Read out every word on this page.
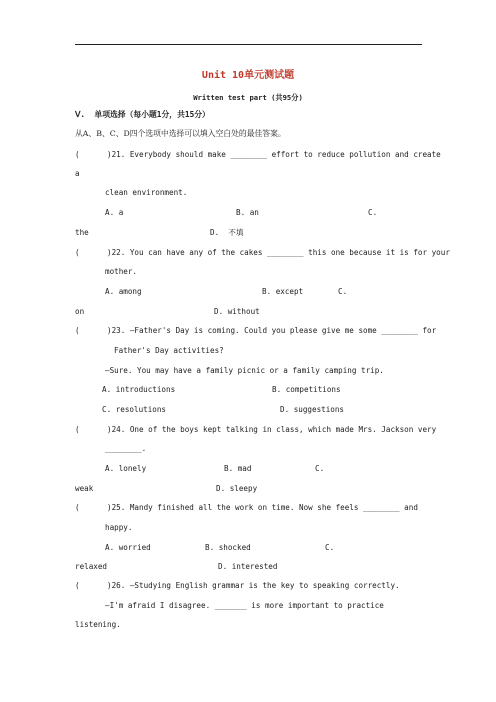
Unit 10单元测试题
Written test part (共95分)
Ⅴ.  单项选择（每小题1分，共15分）
从A、B、C、D四个选项中选择可以填入空白处的最佳答案。
(      )21. Everybody should make ________ effort to reduce pollution and create
a
clean environment.
A. a	B. an	C.
the	D.  不填
(      )22. You can have any of the cakes ________ this one because it is for your
mother.
A. among	B. except	C.
on	D. without
(      )23. —Father's Day is coming. Could you please give me some ________ for
Father's Day activities?
—Sure. You may have a family picnic or a family camping trip.
A. introductions	B. competitions
C. resolutions	D. suggestions
(      )24. One of the boys kept talking in class, which made Mrs. Jackson very
________.
A. lonely	B. mad	C.
weak	D. sleepy
(      )25. Mandy finished all the work on time. Now she feels ________ and
happy.
A. worried	B. shocked	C.
relaxed	D. interested
(      )26. —Studying English grammar is the key to speaking correctly.
—I'm afraid I disagree. _______ is more important to practice
listening.
